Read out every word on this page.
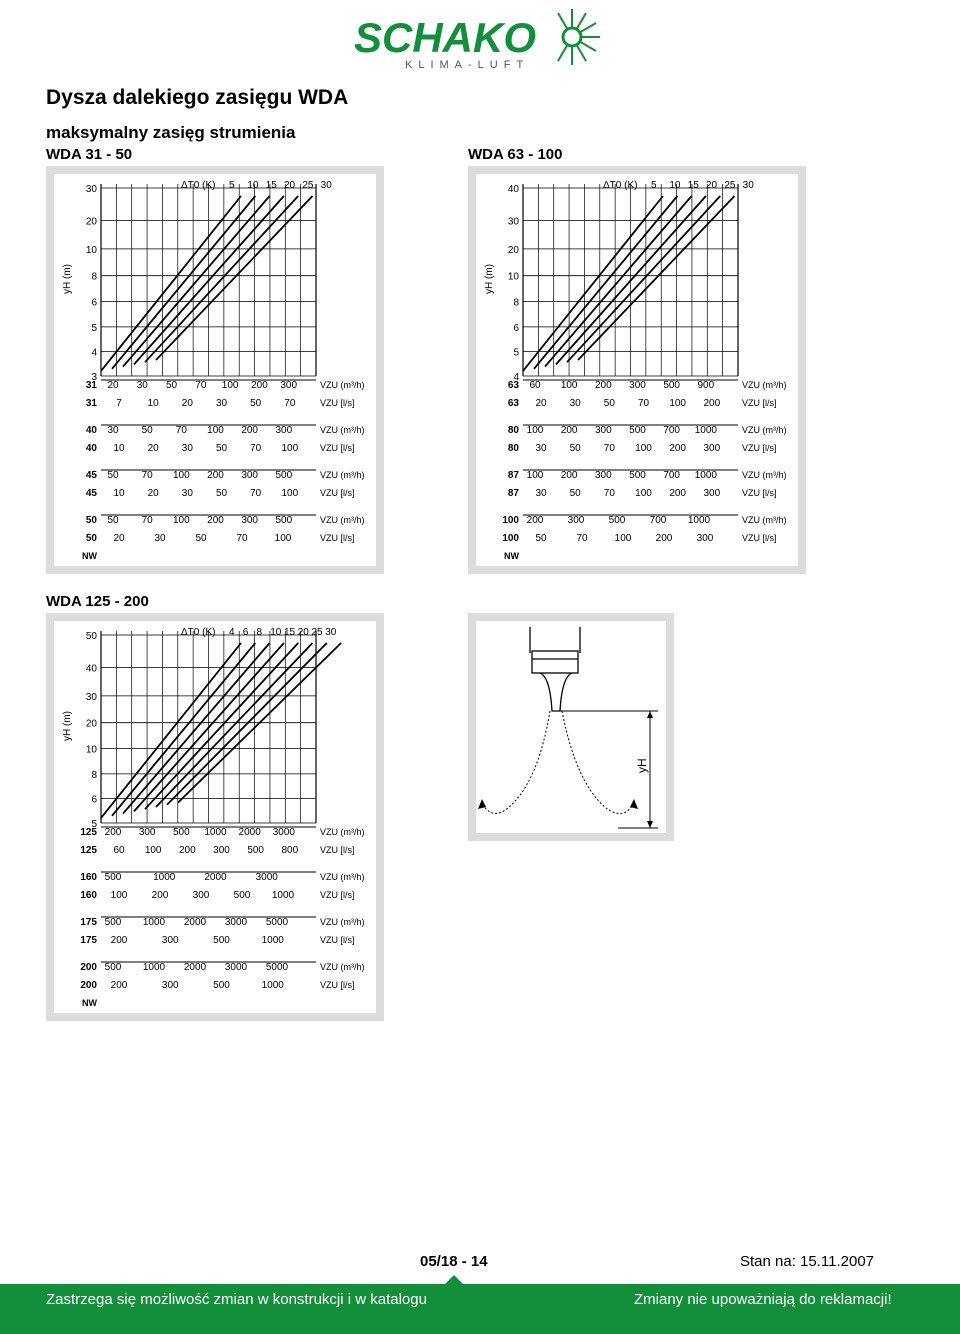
SCHAKO
KLIMA-LUFT
Dysza dalekiego zasięgu WDA
maksymalny zasięg strumienia
WDA 31 - 50	WDA 63 - 100
WDA 125 - 200
30
20
10
8
6
5
4
3
yH (m)
ΔT0 (K) 5 10 15 20 25 30
31 20 30 50 70 100 200 300	VZU (m³/h)
31 7	10 20 30 50 70	VZU [l/s]
40 30 50 70 100 200 300	VZU (m³/h)
40 10 20 30 50 70 100 VZU [l/s]
45 50 70 100 200 300 500	VZU (m³/h)
45 10 20 30 50 70 100 VZU [l/s]
50 50 70 100 200 300 500	VZU (m³/h)
50 20	30	50	70	100	VZU [l/s]
NW
40
30
20
10
8
6
5
4
yH (m)
ΔT0 (K) 5 10 15 20 25 30
63 60 100 200 300 500 900	VZU (m³/h)
63 20 30 50 70 100 200 VZU [l/s]
80 100 200 300 500 700 1000	VZU (m³/h)
80 30 50 70 100 200 300 VZU [l/s]
87 100 200 300 500 700 1000	VZU (m³/h)
87 30 50 70 100 200 300 VZU [l/s]
100 200 300 500 700 1000	VZU (m³/h)
100 50	70	100 200 300	VZU [l/s]
NW
50
40
30
20
10
8
6
5
yH (m)
ΔT0 (K) 4 6 8 10 15 20 25 30
125 200 300 500 1000 2000 3000	VZU (m³/h)
125 60 100 200 300 500 800 VZU [l/s]
160 500	1000	2000	3000	VZU (m³/h)
160 100 200 300 500 1000	VZU [l/s]
175 500 1000 2000 3000 5000	VZU (m³/h)
175 200	300	500	1000	VZU [l/s]
200 500 1000 2000 3000 5000	VZU (m³/h)
200 200	300	500	1000	VZU [l/s]
NW
yH
05/18 - 14	Stan na: 15.11.2007
Zastrzega się możliwość zmian w konstrukcji i w katalogu	Zmiany nie upoważniają do reklamacji!
